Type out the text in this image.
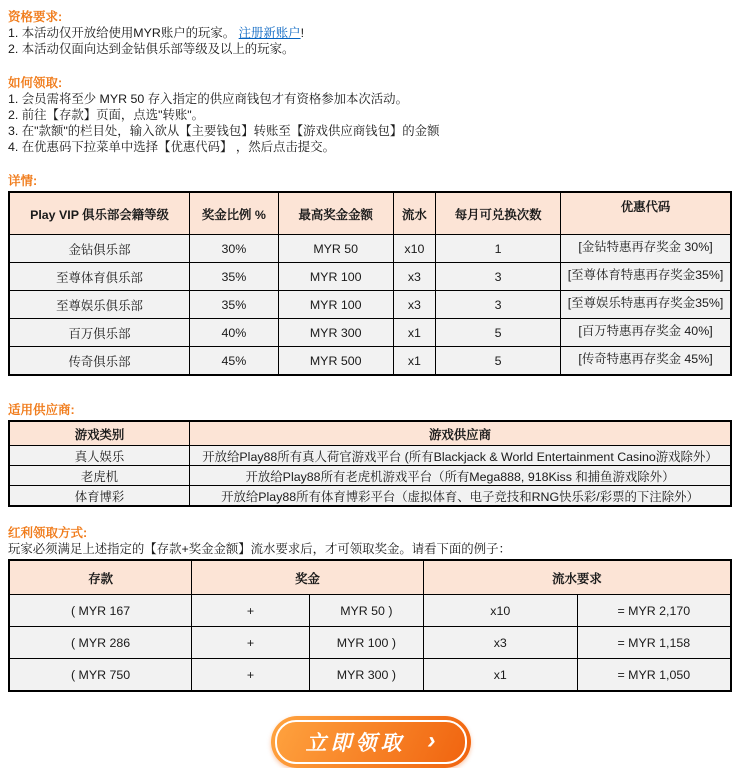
资格要求:

1. 本活动仅开放给使用MYR账户的玩家。 注册新账户!

2. 本活动仅面向达到金钻俱乐部等级及以上的玩家。

如何领取:

1. 会员需将至少 MYR 50 存入指定的供应商钱包才有资格参加本次活动。

2. 前往【存款】页面，点选"转账"。

3. 在"款额"的栏目处，输入欲从【主要钱包】转账至【游戏供应商钱包】的金额

4. 在优惠码下拉菜单中选择【优惠代码】 ，然后点击提交。

详情:
Play VIP 俱乐部会籍等级	奖金比例 %	最高奖金金额	流水	每月可兑换次数	优惠代码
金钻俱乐部	30%	MYR 50	x10	1	[金钻特惠再存奖金 30%]
至尊体育俱乐部	35%	MYR 100	x3	3	[至尊体育特惠再存奖金35%]
至尊娱乐俱乐部	35%	MYR 100	x3	3	[至尊娱乐特惠再存奖金35%]
百万俱乐部	40%	MYR 300	x1	5	[百万特惠再存奖金 40%]
传奇俱乐部	45%	MYR 500	x1	5	[传奇特惠再存奖金 45%]
适用供应商:
游戏类别	游戏供应商
真人娱乐	开放给Play88所有真人荷官游戏平台 (所有Blackjack & World Entertainment Casino游戏除外）
老虎机	开放给Play88所有老虎机游戏平台（所有Mega888, 918Kiss 和捕鱼游戏除外）
体育博彩	开放给Play88所有体育博彩平台（虚拟体育、电子竞技和RNG快乐彩/彩票的下注除外）
红利领取方式:

玩家必须满足上述指定的【存款+奖金金额】流水要求后，才可领取奖金。请看下面的例子：

存款	奖金		流水要求	
( MYR 167	+	MYR 50 )	x10	= MYR 2,170
( MYR 286	+	MYR 100 )	x3	= MYR 1,158
( MYR 750	+	MYR 300 )	x1	= MYR 1,050
立即领取 ›
